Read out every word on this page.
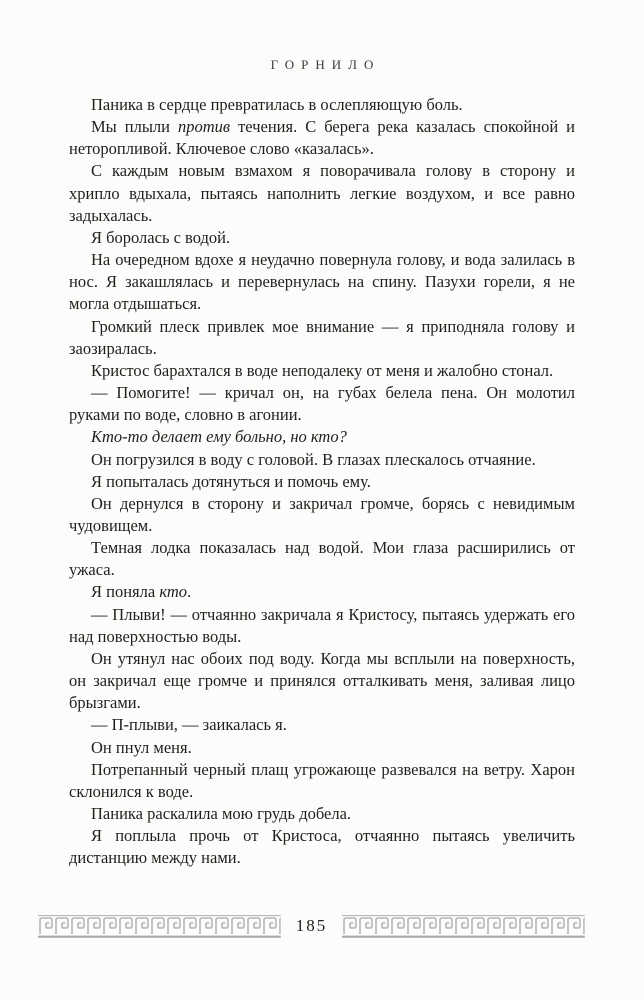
ГОРНИЛО

Паника в сердце превратилась в ослепляющую боль.

Мы плыли против течения. С берега река казалась спокойной и неторопливой. Ключевое слово «казалась».

С каждым новым взмахом я поворачивала голову в сторону и хрипло вдыхала, пытаясь наполнить легкие воздухом, и все равно задыхалась.

Я боролась с водой.

На очередном вдохе я неудачно повернула голову, и вода залилась в нос. Я закашлялась и перевернулась на спину. Пазухи горели, я не могла отдышаться.

Громкий плеск привлек мое внимание — я приподняла голову и заозиралась.

Кристос барахтался в воде неподалеку от меня и жалобно стонал.

— Помогите! — кричал он, на губах белела пена. Он молотил руками по воде, словно в агонии.

Кто-то делает ему больно, но кто?

Он погрузился в воду с головой. В глазах плескалось отчаяние.

Я попыталась дотянуться и помочь ему.

Он дернулся в сторону и закричал громче, борясь с невидимым чудовищем.

Темная лодка показалась над водой. Мои глаза расширились от ужаса.

Я поняла кто.

— Плыви! — отчаянно закричала я Кристосу, пытаясь удержать его над поверхностью воды.

Он утянул нас обоих под воду. Когда мы всплыли на поверхность, он закричал еще громче и принялся отталкивать меня, заливая лицо брызгами.

— П-плыви, — заикалась я.

Он пнул меня.

Потрепанный черный плащ угрожающе развевался на ветру. Харон склонился к воде.

Паника раскалила мою грудь добела.

Я поплыла прочь от Кристоса, отчаянно пытаясь увеличить дистанцию между нами.

185
